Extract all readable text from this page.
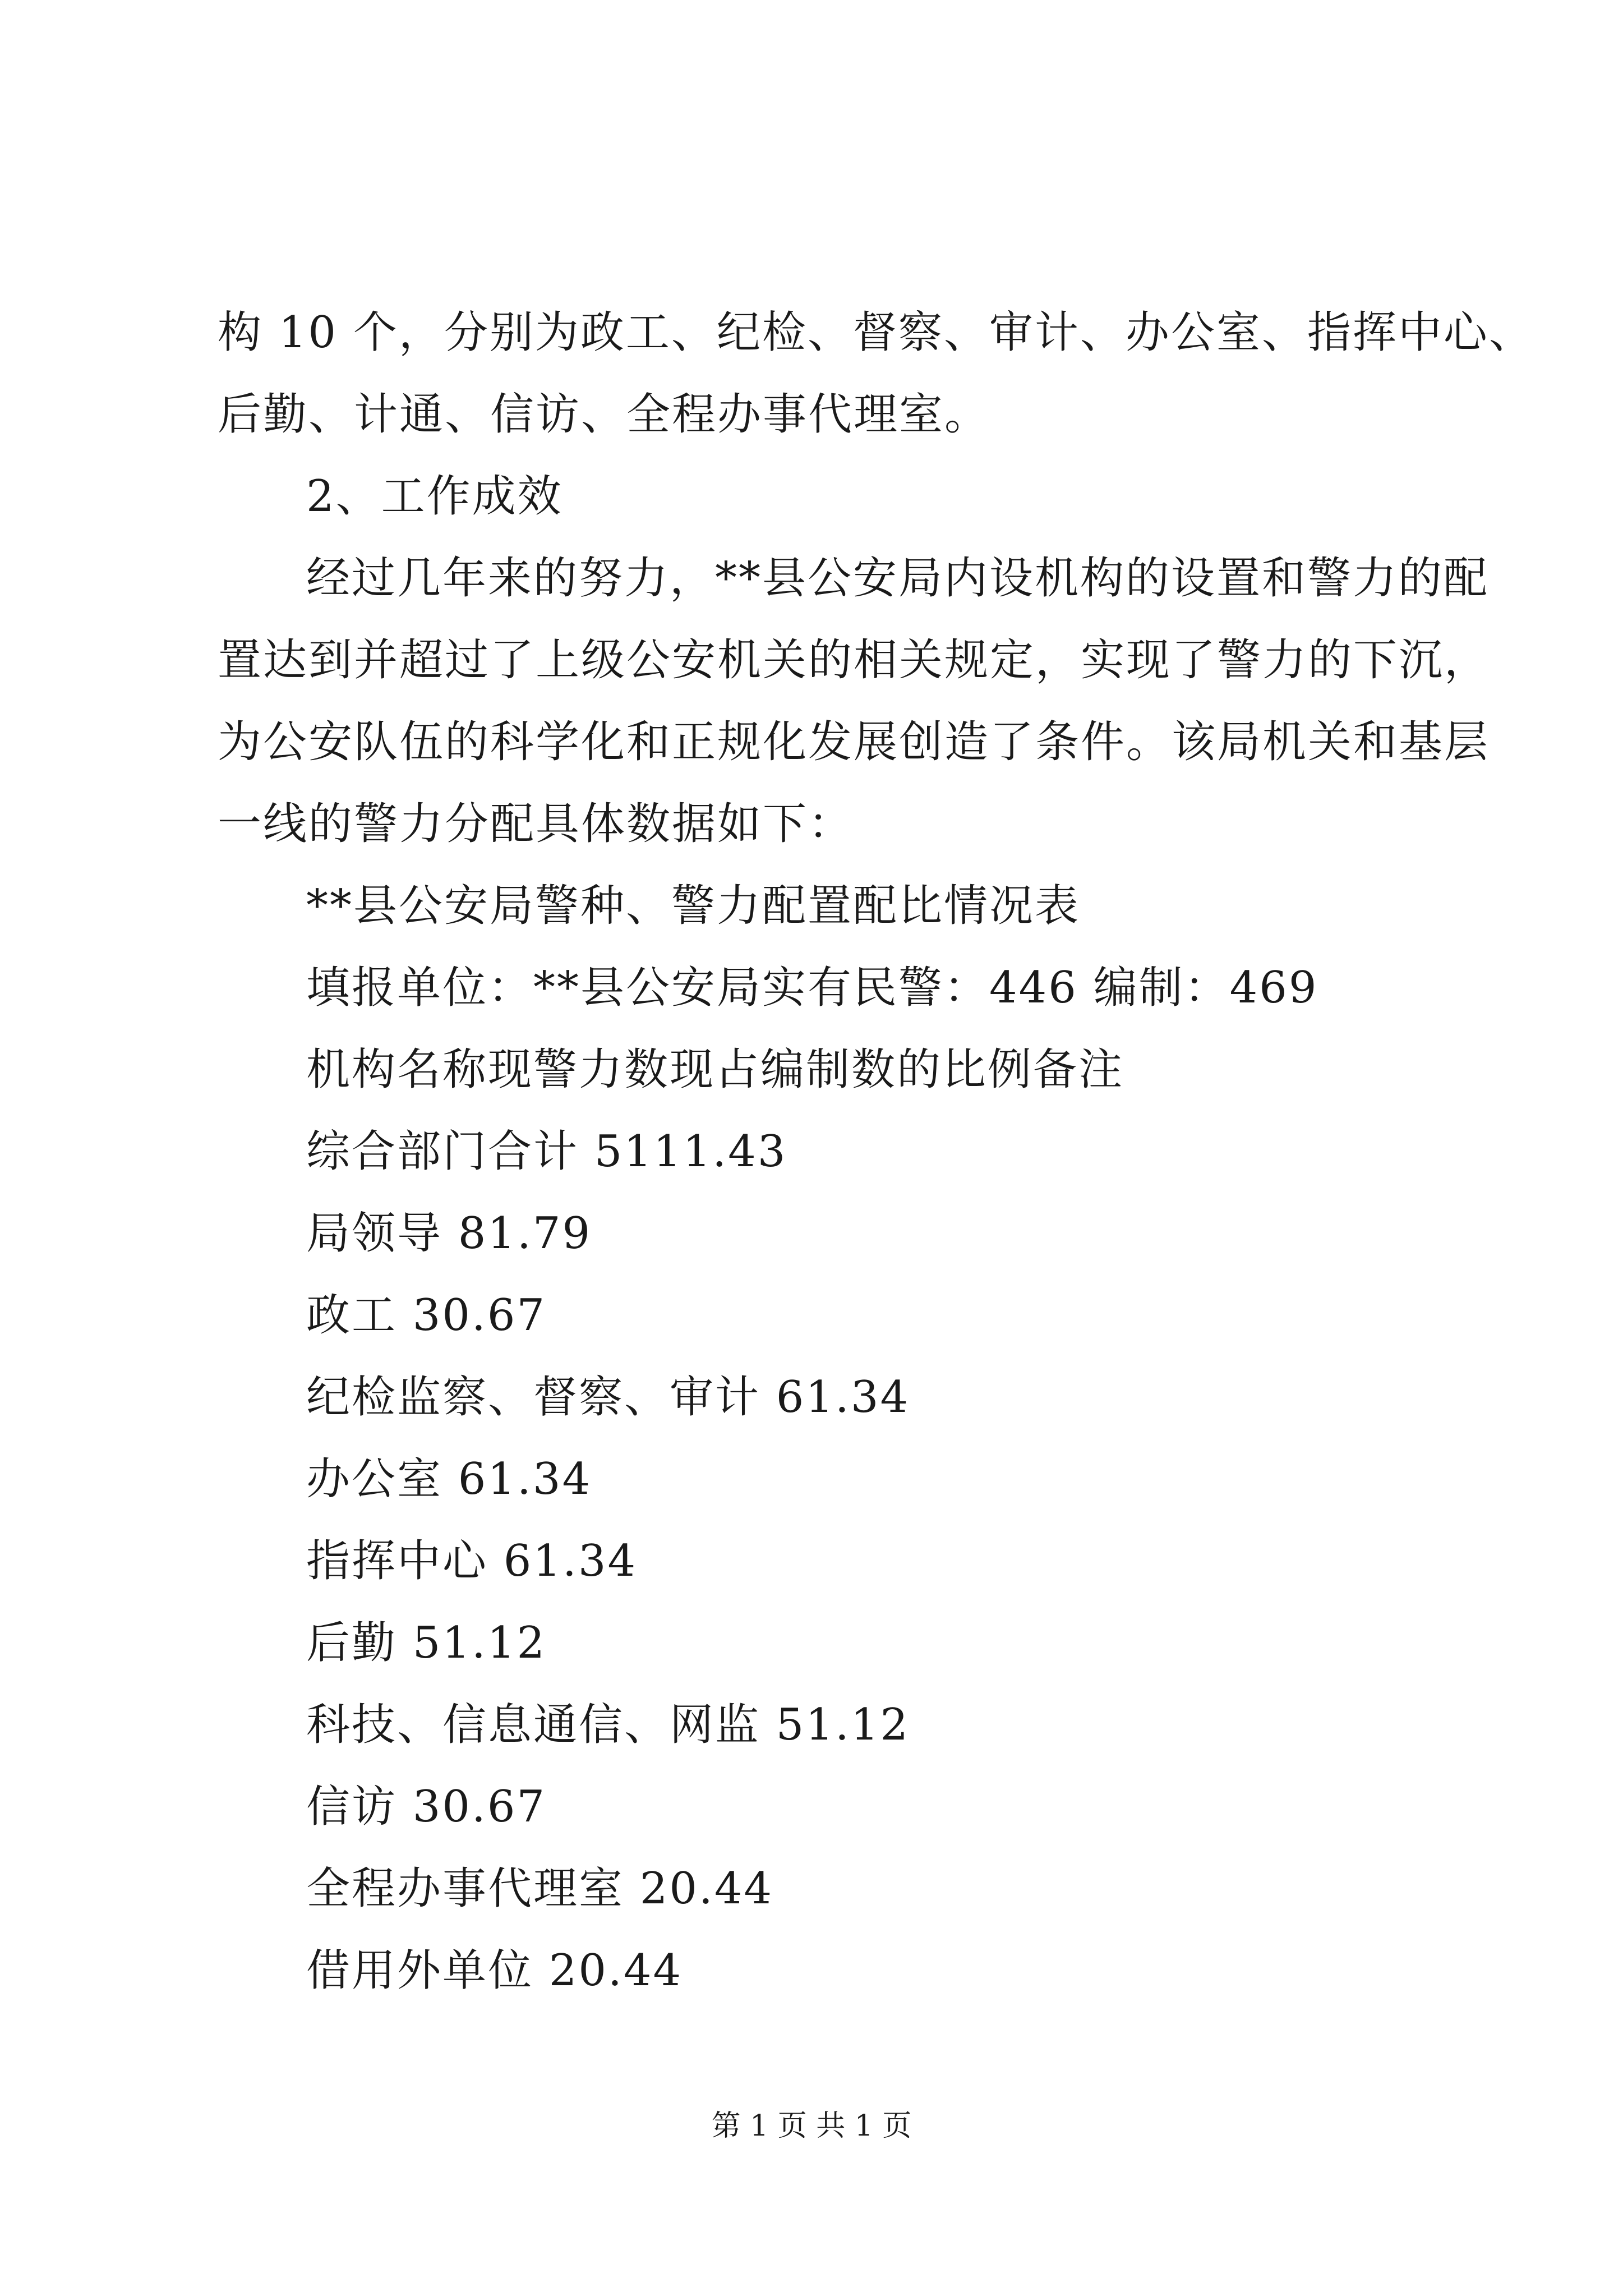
构 10 个，分别为政工、纪检、督察、审计、办公室、指挥中心、
后勤、计通、信访、全程办事代理室。
2、工作成效
经过几年来的努力，**县公安局内设机构的设置和警力的配
置达到并超过了上级公安机关的相关规定，实现了警力的下沉，
为公安队伍的科学化和正规化发展创造了条件。该局机关和基层
一线的警力分配具体数据如下：
**县公安局警种、警力配置配比情况表
填报单位：**县公安局实有民警：446 编制：469
机构名称现警力数现占编制数的比例备注
综合部门合计 5111.43
局领导 81.79
政工 30.67
纪检监察、督察、审计 61.34
办公室 61.34
指挥中心 61.34
后勤 51.12
科技、信息通信、网监 51.12
信访 30.67
全程办事代理室 20.44
借用外单位 20.44
第 1 页 共 1 页
